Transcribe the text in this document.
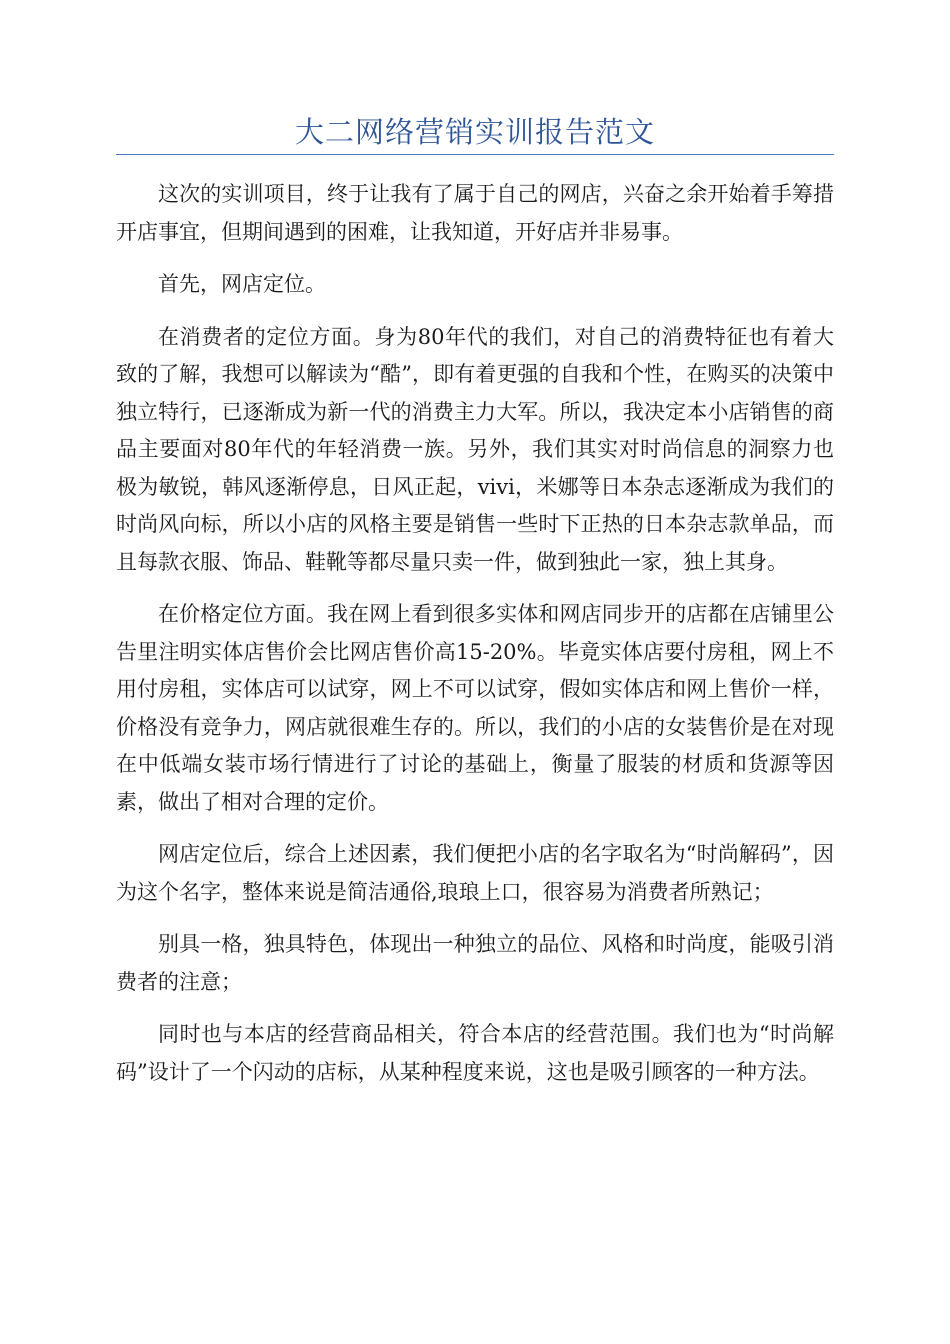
大二网络营销实训报告范文

这次的实训项目，终于让我有了属于自己的网店，兴奋之余开始着手筹措开店事宜，但期间遇到的困难，让我知道，开好店并非易事。

首先，网店定位。

在消费者的定位方面。身为80年代的我们，对自己的消费特征也有着大致的了解，我想可以解读为“酷”，即有着更强的自我和个性，在购买的决策中独立特行，已逐渐成为新一代的消费主力大军。所以，我决定本小店销售的商品主要面对80年代的年轻消费一族。另外，我们其实对时尚信息的洞察力也极为敏锐，韩风逐渐停息，日风正起，vivi，米娜等日本杂志逐渐成为我们的时尚风向标，所以小店的风格主要是销售一些时下正热的日本杂志款单品，而且每款衣服、饰品、鞋靴等都尽量只卖一件，做到独此一家，独上其身。

在价格定位方面。我在网上看到很多实体和网店同步开的店都在店铺里公告里注明实体店售价会比网店售价高15-20%。毕竟实体店要付房租，网上不用付房租，实体店可以试穿，网上不可以试穿，假如实体店和网上售价一样，价格没有竞争力，网店就很难生存的。所以，我们的小店的女装售价是在对现在中低端女装市场行情进行了讨论的基础上，衡量了服装的材质和货源等因素，做出了相对合理的定价。

网店定位后，综合上述因素，我们便把小店的名字取名为“时尚解码”，因为这个名字，整体来说是简洁通俗,琅琅上口，很容易为消费者所熟记；

别具一格，独具特色，体现出一种独立的品位、风格和时尚度，能吸引消费者的注意；

同时也与本店的经营商品相关，符合本店的经营范围。我们也为“时尚解码”设计了一个闪动的店标，从某种程度来说，这也是吸引顾客的一种方法。
